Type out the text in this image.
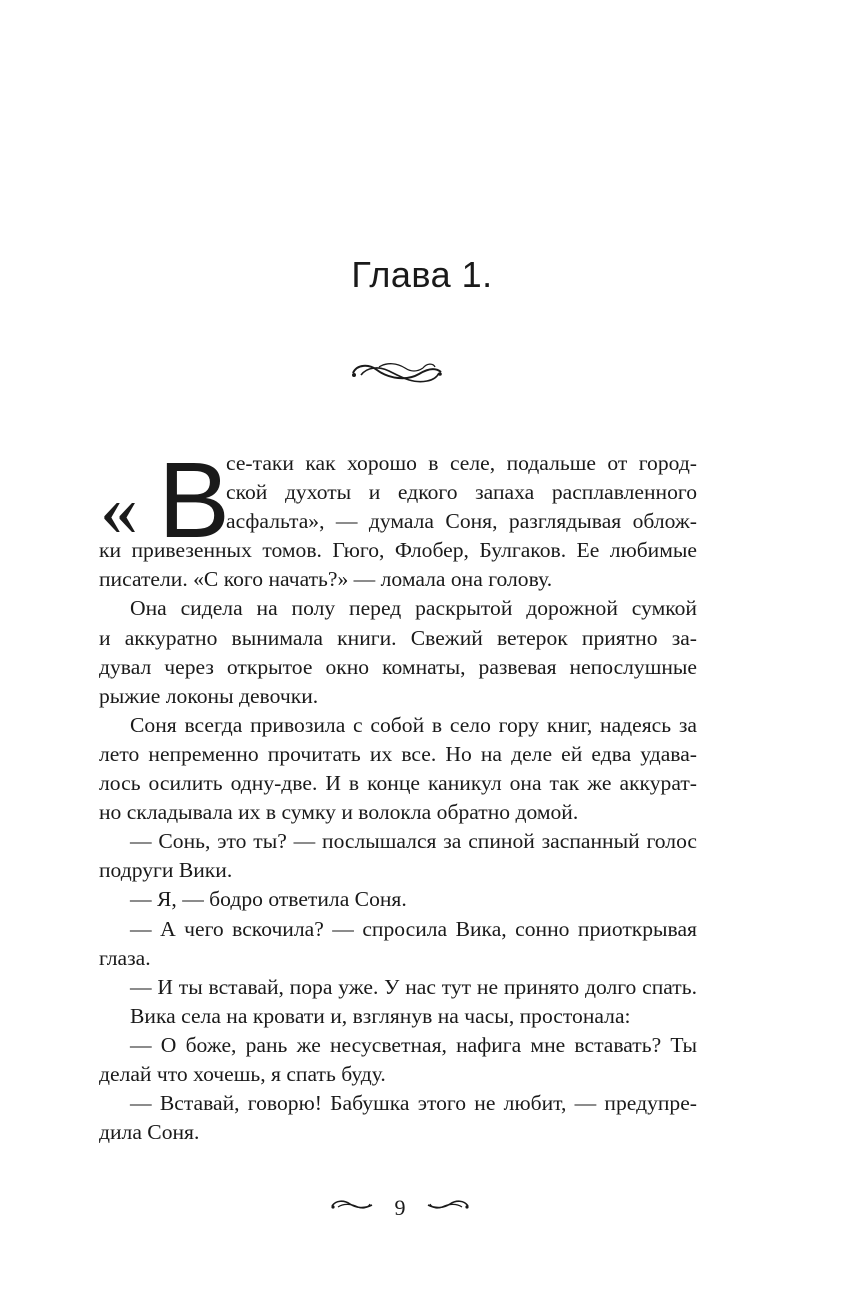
Глава 1.
« В
се-таки как хорошо в селе, подальше от город-
ской духоты и едкого запаха расплавленного
асфальта», — думала Соня, разглядывая облож-
ки привезенных томов. Гюго, Флобер, Булгаков. Ее любимые
писатели. «С кого начать?» — ломала она голову.
Она сидела на полу перед раскрытой дорожной сумкой
и аккуратно вынимала книги. Свежий ветерок приятно за-
дувал через открытое окно комнаты, развевая непослушные
рыжие локоны девочки.
Соня всегда привозила с собой в село гору книг, надеясь за
лето непременно прочитать их все. Но на деле ей едва удава-
лось осилить одну-две. И в конце каникул она так же аккурат-
но складывала их в сумку и волокла обратно домой.
— Сонь, это ты? — послышался за спиной заспанный голос
подруги Вики.
— Я, — бодро ответила Соня.
— А чего вскочила? — спросила Вика, сонно приоткрывая
глаза.
— И ты вставай, пора уже. У нас тут не принято долго спать.
Вика села на кровати и, взглянув на часы, простонала:
— О боже, рань же несусветная, нафига мне вставать? Ты
делай что хочешь, я спать буду.
— Вставай, говорю! Бабушка этого не любит, — предупре-
дила Соня.
9
